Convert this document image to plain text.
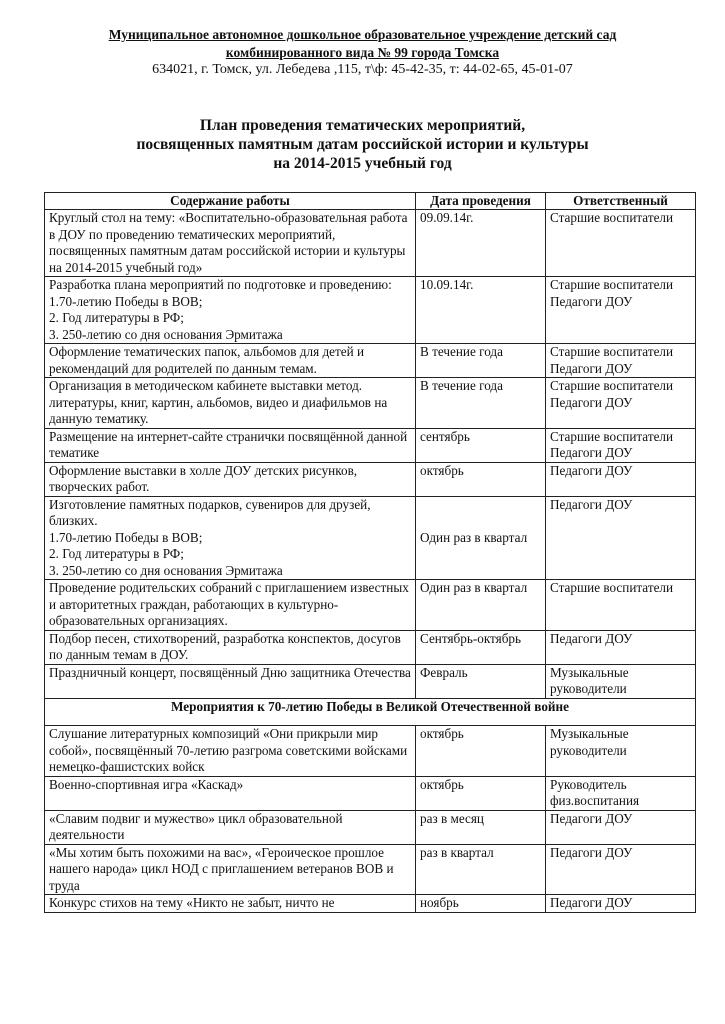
Муниципальное автономное дошкольное образовательное учреждение детский сад
комбинированного вида № 99 города Томска
634021, г. Томск, ул. Лебедева ,115, т\ф: 45-42-35, т: 44-02-65, 45-01-07
План проведения тематических мероприятий,
посвященных памятным датам российской истории и культуры
на 2014-2015 учебный год
Содержание работы	Дата проведения	Ответственный
Круглый стол на тему: «Воспитательно-образовательная работа в ДОУ по проведению тематических мероприятий, посвященных памятным датам российской истории и культуры на 2014-2015 учебный год»	09.09.14г.	Старшие воспитатели
Разработка плана мероприятий по подготовке и проведению:
1.70-летию Победы в ВОВ;
2. Год литературы в РФ;
3. 250-летию со дня основания Эрмитажа	10.09.14г.	Старшие воспитатели
Педагоги ДОУ
Оформление тематических папок, альбомов для детей и рекомендаций для родителей по данным темам.	В течение года	Старшие воспитатели
Педагоги ДОУ
Организация в методическом кабинете выставки метод. литературы, книг, картин, альбомов, видео и диафильмов на данную тематику.	В течение года	Старшие воспитатели
Педагоги ДОУ
Размещение на интернет-сайте странички посвящённой данной тематике	сентябрь	Старшие воспитатели
Педагоги ДОУ
Оформление выставки в холле ДОУ детских рисунков, творческих работ.	октябрь	Педагоги ДОУ
Изготовление памятных подарков, сувениров для друзей, близких.
1.70-летию Победы в ВОВ;
2. Год литературы в РФ;
3. 250-летию со дня основания Эрмитажа	Один раз в квартал	Педагоги ДОУ
Проведение родительских собраний с приглашением известных и авторитетных граждан, работающих в культурно-образовательных организациях.	Один раз в квартал	Старшие воспитатели
Подбор песен, стихотворений, разработка конспектов, досугов по данным темам в ДОУ.	Сентябрь-октябрь	Педагоги ДОУ
Праздничный концерт, посвящённый Дню защитника Отечества	Февраль	Музыкальные руководители
Мероприятия к 70-летию Победы в Великой Отечественной войне		
Слушание литературных композиций «Они прикрыли мир собой», посвящённый 70-летию разгрома советскими войсками немецко-фашистских войск	октябрь	Музыкальные руководители
Военно-спортивная игра «Каскад»	октябрь	Руководитель физ.воспитания
«Славим подвиг и мужество» цикл образовательной деятельности	раз в месяц	Педагоги ДОУ
«Мы хотим быть похожими на вас», «Героическое прошлое нашего народа» цикл НОД с приглашением ветеранов ВОВ и труда	раз в квартал	Педагоги ДОУ
Конкурс стихов на тему «Никто не забыт, ничто не	ноябрь	Педагоги ДОУ
